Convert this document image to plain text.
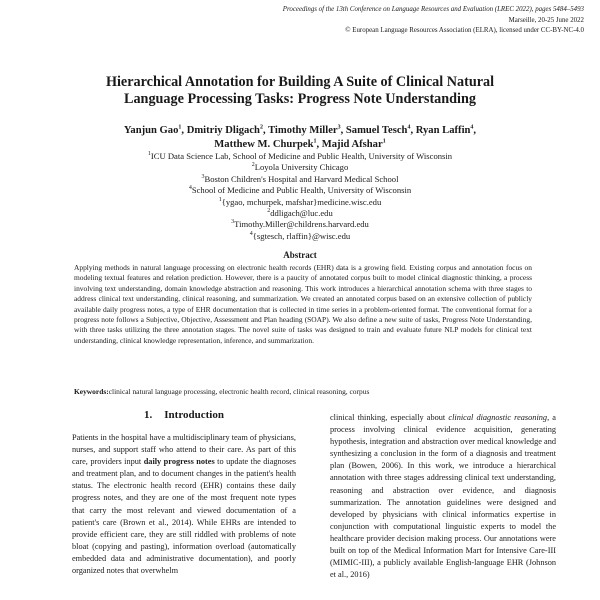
Proceedings of the 13th Conference on Language Resources and Evaluation (LREC 2022), pages 5484–5493
Marseille, 20-25 June 2022
© European Language Resources Association (ELRA), licensed under CC-BY-NC-4.0
Hierarchical Annotation for Building A Suite of Clinical Natural
Language Processing Tasks: Progress Note Understanding
Yanjun Gao$^1$, Dmitriy Dligach$^2$, Timothy Miller$^3$, Samuel Tesch$^4$, Ryan Laffin$^4$,
Matthew M. Churpek$^1$, Majid Afshar$^1$
$^1$ICU Data Science Lab, School of Medicine and Public Health, University of Wisconsin
$^2$Loyola University Chicago
$^3$Boston Children's Hospital and Harvard Medical School
$^4$School of Medicine and Public Health, University of Wisconsin
$^1${ygao, mchurpek, mafshar}medicine.wisc.edu
$^2$ddligach@luc.edu
$^3$Timothy.Miller@childrens.harvard.edu
$^4${sgtesch, rlaffin}@wisc.edu
Abstract
Applying methods in natural language processing on electronic health records (EHR) data is a growing field. Existing corpus and annotation focus on modeling textual features and relation prediction. However, there is a paucity of annotated corpus built to model clinical diagnostic thinking, a process involving text understanding, domain knowledge abstraction and reasoning. This work introduces a hierarchical annotation schema with three stages to address clinical text understanding, clinical reasoning, and summarization. We created an annotated corpus based on an extensive collection of publicly available daily progress notes, a type of EHR documentation that is collected in time series in a problem-oriented format. The conventional format for a progress note follows a Subjective, Objective, Assessment and Plan heading (SOAP). We also define a new suite of tasks, Progress Note Understanding, with three tasks utilizing the three annotation stages. The novel suite of tasks was designed to train and evaluate future NLP models for clinical text understanding, clinical knowledge representation, inference, and summarization.
Keywords:clinical natural language processing, electronic health record, clinical reasoning, corpus
1. Introduction

Patients in the hospital have a multidisciplinary team of physicians, nurses, and support staff who attend to their care. As part of this care, providers input daily progress notes to update the diagnoses and treatment plan, and to document changes in the patient's health status. The electronic health record (EHR) contains these daily progress notes, and they are one of the most frequent note types that carry the most relevant and viewed documentation of a patient's care (Brown et al., 2014). While EHRs are intended to provide efficient care, they are still riddled with problems of note bloat (copying and pasting), information overload (automatically embedded data and administrative documentation), and poorly organized notes that overwhelm

clinical thinking, especially about clinical diagnostic reasoning, a process involving clinical evidence acquisition, generating hypothesis, integration and abstraction over medical knowledge and synthesizing a conclusion in the form of a diagnosis and treatment plan (Bowen, 2006). In this work, we introduce a hierarchical annotation with three stages addressing clinical text understanding, reasoning and abstraction over evidence, and diagnosis summarization. The annotation guidelines were designed and developed by physicians with clinical informatics expertise in conjunction with computational linguistic experts to model the healthcare provider decision making process. Our annotations were built on top of the Medical Information Mart for Intensive Care-III (MIMIC-III), a publicly available English-language EHR (Johnson et al., 2016)
